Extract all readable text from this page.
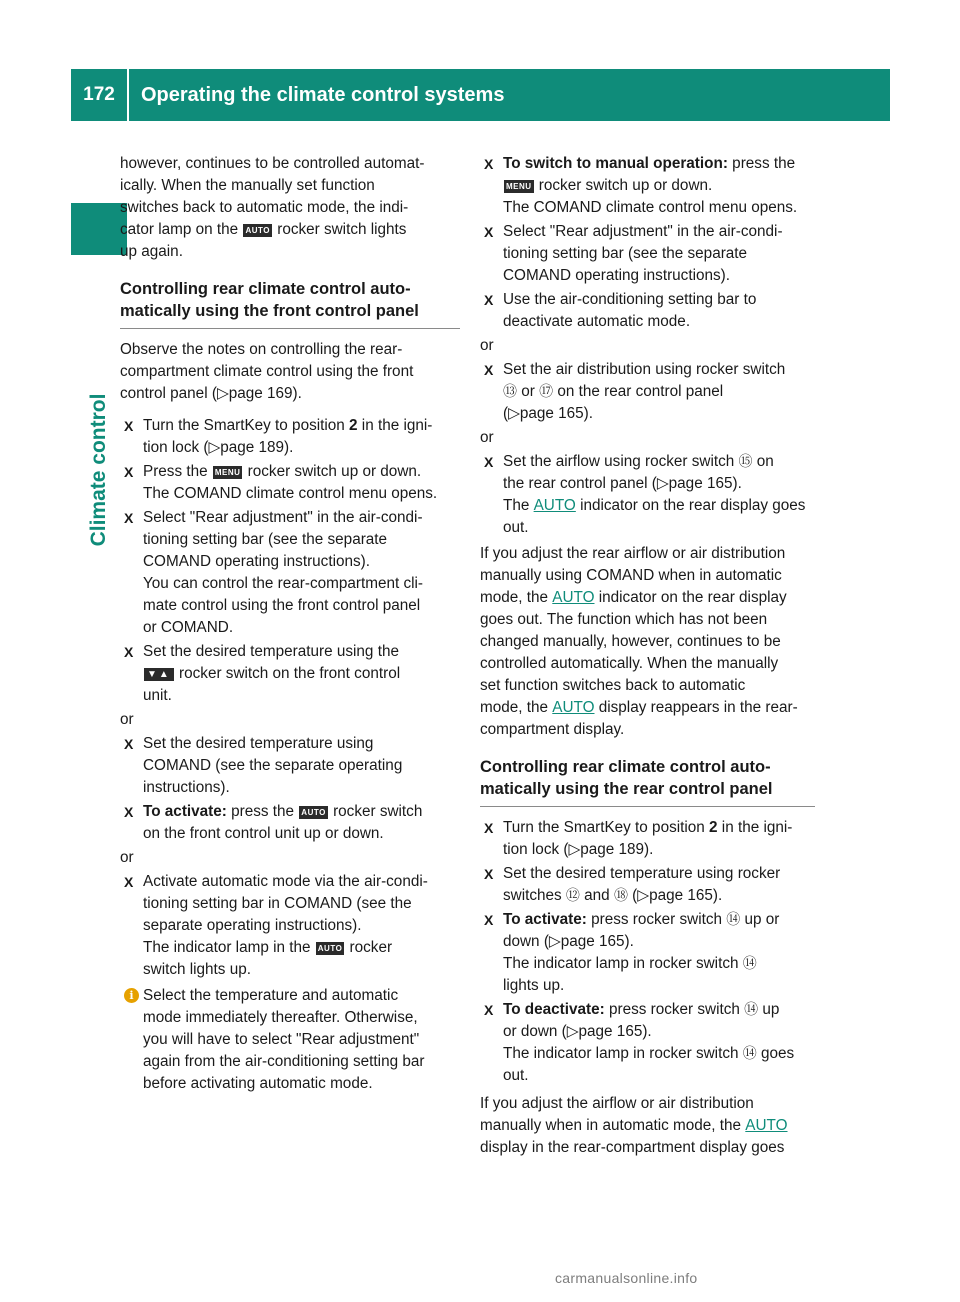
172	Operating the climate control systems
Climate control

however, continues to be controlled automat-
ically. When the manually set function
switches back to automatic mode, the indi-
cator lamp on the AUTO rocker switch lights
up again.

Controlling rear climate control auto-
matically using the front control panel

Observe the notes on controlling the rear-
compartment climate control using the front
control panel (▷page 169).

X Turn the SmartKey to position 2 in the igni-
tion lock (▷page 189).
X Press the MENU rocker switch up or down.
The COMAND climate control menu opens.
X Select "Rear adjustment" in the air-condi-
tioning setting bar (see the separate
COMAND operating instructions).
You can control the rear-compartment cli-
mate control using the front control panel
or COMAND.
X Set the desired temperature using the
▼▲ rocker switch on the front control
unit.

or

X Set the desired temperature using
COMAND (see the separate operating
instructions).
X To activate: press the AUTO rocker switch
on the front control unit up or down.

or

X Activate automatic mode via the air-condi-
tioning setting bar in COMAND (see the
separate operating instructions).
The indicator lamp in the AUTO rocker
switch lights up.
i Select the temperature and automatic
mode immediately thereafter. Otherwise,
you will have to select "Rear adjustment"
again from the air-conditioning setting bar
before activating automatic mode.
X To switch to manual operation: press the
MENU rocker switch up or down.
The COMAND climate control menu opens.
X Select "Rear adjustment" in the air-condi-
tioning setting bar (see the separate
COMAND operating instructions).
X Use the air-conditioning setting bar to
deactivate automatic mode.

or

X Set the air distribution using rocker switch
⑬ or ⑰ on the rear control panel
(▷page 165).

or

X Set the airflow using rocker switch ⑮ on
the rear control panel (▷page 165).
The AUTO indicator on the rear display goes
out.

If you adjust the rear airflow or air distribution
manually using COMAND when in automatic
mode, the AUTO indicator on the rear display
goes out. The function which has not been
changed manually, however, continues to be
controlled automatically. When the manually
set function switches back to automatic
mode, the AUTO display reappears in the rear-
compartment display.

Controlling rear climate control auto-
matically using the rear control panel
X Turn the SmartKey to position 2 in the igni-
tion lock (▷page 189).
X Set the desired temperature using rocker
switches ⑫ and ⑱ (▷page 165).
X To activate: press rocker switch ⑭ up or
down (▷page 165).
The indicator lamp in rocker switch ⑭
lights up.
X To deactivate: press rocker switch ⑭ up
or down (▷page 165).
The indicator lamp in rocker switch ⑭ goes
out.

If you adjust the airflow or air distribution
manually when in automatic mode, the AUTO
display in the rear-compartment display goes

carmanualsonline.info
